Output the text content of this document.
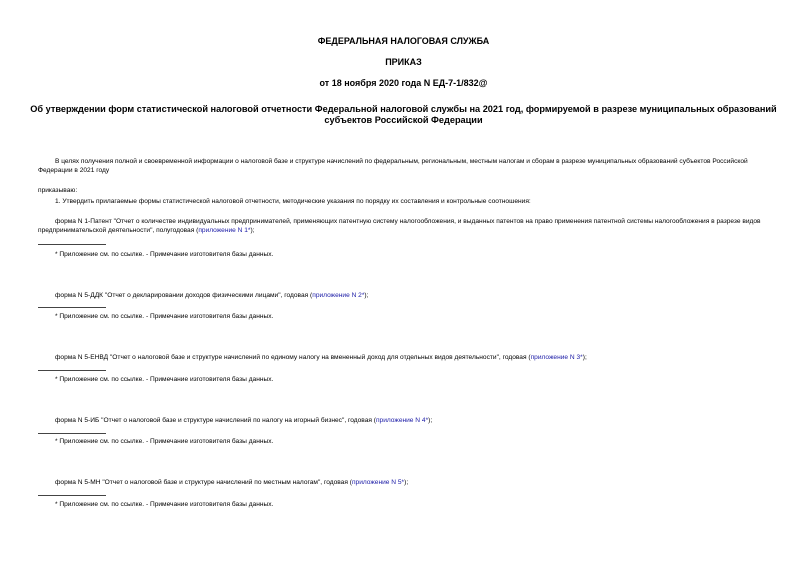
ФЕДЕРАЛЬНАЯ НАЛОГОВАЯ СЛУЖБА
ПРИКАЗ
от 18 ноября 2020 года N ЕД-7-1/832@
Об утверждении форм статистической налоговой отчетности Федеральной налоговой службы на 2021 год, формируемой в разрезе муниципальных образований субъектов Российской Федерации
В целях получения полной и своевременной информации о налоговой базе и структуре начислений по федеральным, региональным, местным налогам и сборам в разрезе муниципальных образований субъектов Российской Федерации в 2021 году
приказываю:
1. Утвердить прилагаемые формы статистической налоговой отчетности, методические указания по порядку их составления и контрольные соотношения:
форма N 1-Патент "Отчет о количестве индивидуальных предпринимателей, применяющих патентную систему налогообложения, и выданных патентов на право применения патентной системы налогообложения в разрезе видов предпринимательской деятельности", полугодовая (приложение N 1*);
* Приложение см. по ссылке. - Примечание изготовителя базы данных.
форма N 5-ДДК "Отчет о декларировании доходов физическими лицами", годовая (приложение N 2*);
* Приложение см. по ссылке. - Примечание изготовителя базы данных.
форма N 5-ЕНВД "Отчет о налоговой базе и структуре начислений по единому налогу на вмененный доход для отдельных видов деятельности", годовая (приложение N 3*);
* Приложение см. по ссылке. - Примечание изготовителя базы данных.
форма N 5-ИБ "Отчет о налоговой базе и структуре начислений по налогу на игорный бизнес", годовая (приложение N 4*);
* Приложение см. по ссылке. - Примечание изготовителя базы данных.
форма N 5-МН "Отчет о налоговой базе и структуре начислений по местным налогам", годовая (приложение N 5*);
* Приложение см. по ссылке. - Примечание изготовителя базы данных.
